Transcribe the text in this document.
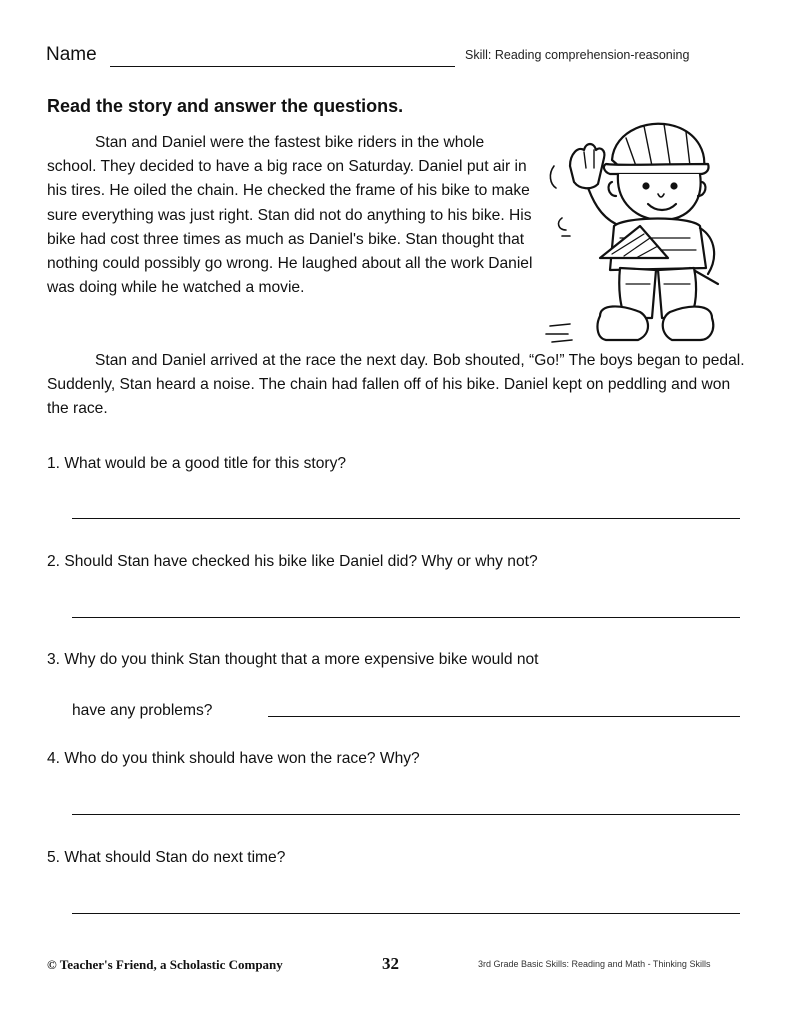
Name	Skill: Reading comprehension-reasoning
Read the story and answer the questions.

Stan and Daniel were the fastest bike riders in the whole school. They decided to have a big race on Saturday. Daniel put air in his tires. He oiled the chain. He checked the frame of his bike to make sure everything was just right. Stan did not do anything to his bike. His bike had cost three times as much as Daniel's bike. Stan thought that nothing could possibly go wrong. He laughed about all the work Daniel was doing while he watched a movie.

Stan and Daniel arrived at the race the next day. Bob shouted, “Go!” The boys began to pedal. Suddenly, Stan heard a noise. The chain had fallen off of his bike. Daniel kept on peddling and won the race.

1. What would be a good title for this story?
2. Should Stan have checked his bike like Daniel did? Why or why not?
3. Why do you think Stan thought that a more expensive bike would not
have any problems?
4. Who do you think should have won the race? Why?
5. What should Stan do next time?
© Teacher's Friend, a Scholastic Company	32	3rd Grade Basic Skills: Reading and Math - Thinking Skills
